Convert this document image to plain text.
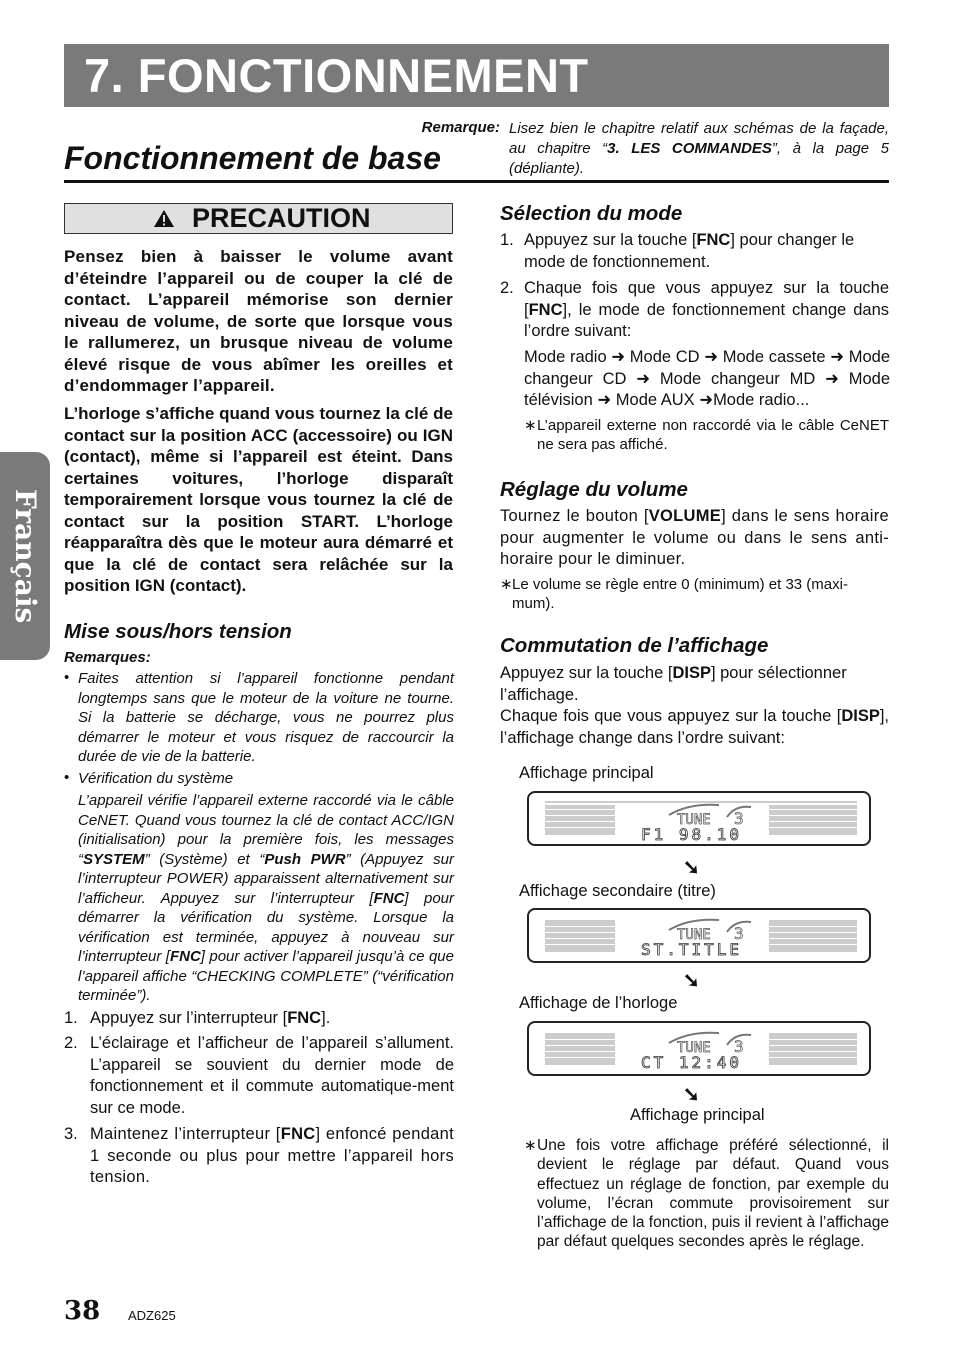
7. FONCTIONNEMENT
Remarque: Lisez bien le chapitre relatif aux schémas de la façade, au chapitre “3. LES COMMANDES”, à la page 5 (dépliante).
Fonctionnement de base
Français
PRECAUTION
Pensez bien à baisser le volume avant d’éteindre l’appareil ou de couper la clé de contact. L’appareil mémorise son dernier niveau de volume, de sorte que lorsque vous le rallumerez, un brusque niveau de volume élevé risque de vous abîmer les oreilles et d’endommager l’appareil.
L’horloge s’affiche quand vous tournez la clé de contact sur la position ACC (accessoire) ou IGN (contact), même si l’appareil est éteint. Dans certaines voitures, l’horloge disparaît temporairement lorsque vous tournez la clé de contact sur la position START. L’horloge réapparaîtra dès que le moteur aura démarré et que la clé de contact sera relâchée sur la position IGN (contact).
Mise sous/hors tension
Remarques:
• Faites attention si l’appareil fonctionne pendant longtemps sans que le moteur de la voiture ne tourne. Si la batterie se décharge, vous ne pourrez plus démarrer le moteur et vous risquez de raccourcir la durée de vie de la batterie.
• Vérification du système
L’appareil vérifie l’appareil externe raccordé via le câble CeNET. Quand vous tournez la clé de contact ACC/IGN (initialisation) pour la première fois, les messages “SYSTEM” (Système) et “Push PWR” (Appuyez sur l’interrupteur POWER) apparaissent alternativement sur l’afficheur. Appuyez sur l’interrupteur [FNC] pour démarrer la vérification du système. Lorsque la vérification est terminée, appuyez à nouveau sur l’interrupteur [FNC] pour activer l’appareil jusqu’à ce que l’appareil affiche “CHECKING COMPLETE” (“vérification terminée”).
1. Appuyez sur l’interrupteur [FNC].
2. L’éclairage et l’afficheur de l’appareil s’allument. L’appareil se souvient du dernier mode de fonctionnement et il commute automatique-ment sur ce mode.
3. Maintenez l’interrupteur [FNC] enfoncé pendant 1 seconde ou plus pour mettre l’appareil hors tension.
Sélection du mode
1. Appuyez sur la touche [FNC] pour changer le mode de fonctionnement.
2. Chaque fois que vous appuyez sur la touche [FNC], le mode de fonctionnement change dans l’ordre suivant:
Mode radio ➜ Mode CD ➜ Mode cassete ➜ Mode changeur CD ➜ Mode changeur MD ➜ Mode télévision ➜ Mode AUX ➜Mode radio...
∗ L’appareil externe non raccordé via le câble CeNET ne sera pas affiché.
Réglage du volume
Tournez le bouton [VOLUME] dans le sens horaire pour augmenter le volume ou dans le sens anti-horaire pour le diminuer.
∗ Le volume se règle entre 0 (minimum) et 33 (maxi-mum).
Commutation de l’affichage
Appuyez sur la touche [DISP] pour sélectionner l’affichage.
Chaque fois que vous appuyez sur la touche [DISP], l’affichage change dans l’ordre suivant:
Affichage principal
TUNE 3
F1 98.10
➘
Affichage secondaire (titre)
TUNE 3
ST.TITLE
➘
Affichage de l’horloge
TUNE 3
CT 12:40
➘
Affichage principal
∗ Une fois votre affichage préféré sélectionné, il devient le réglage par défaut. Quand vous effectuez un réglage de fonction, par exemple du volume, l’écran commute provisoirement sur l’affichage de la fonction, puis il revient à l’affichage par défaut quelques secondes après le réglage.
38 ADZ625
